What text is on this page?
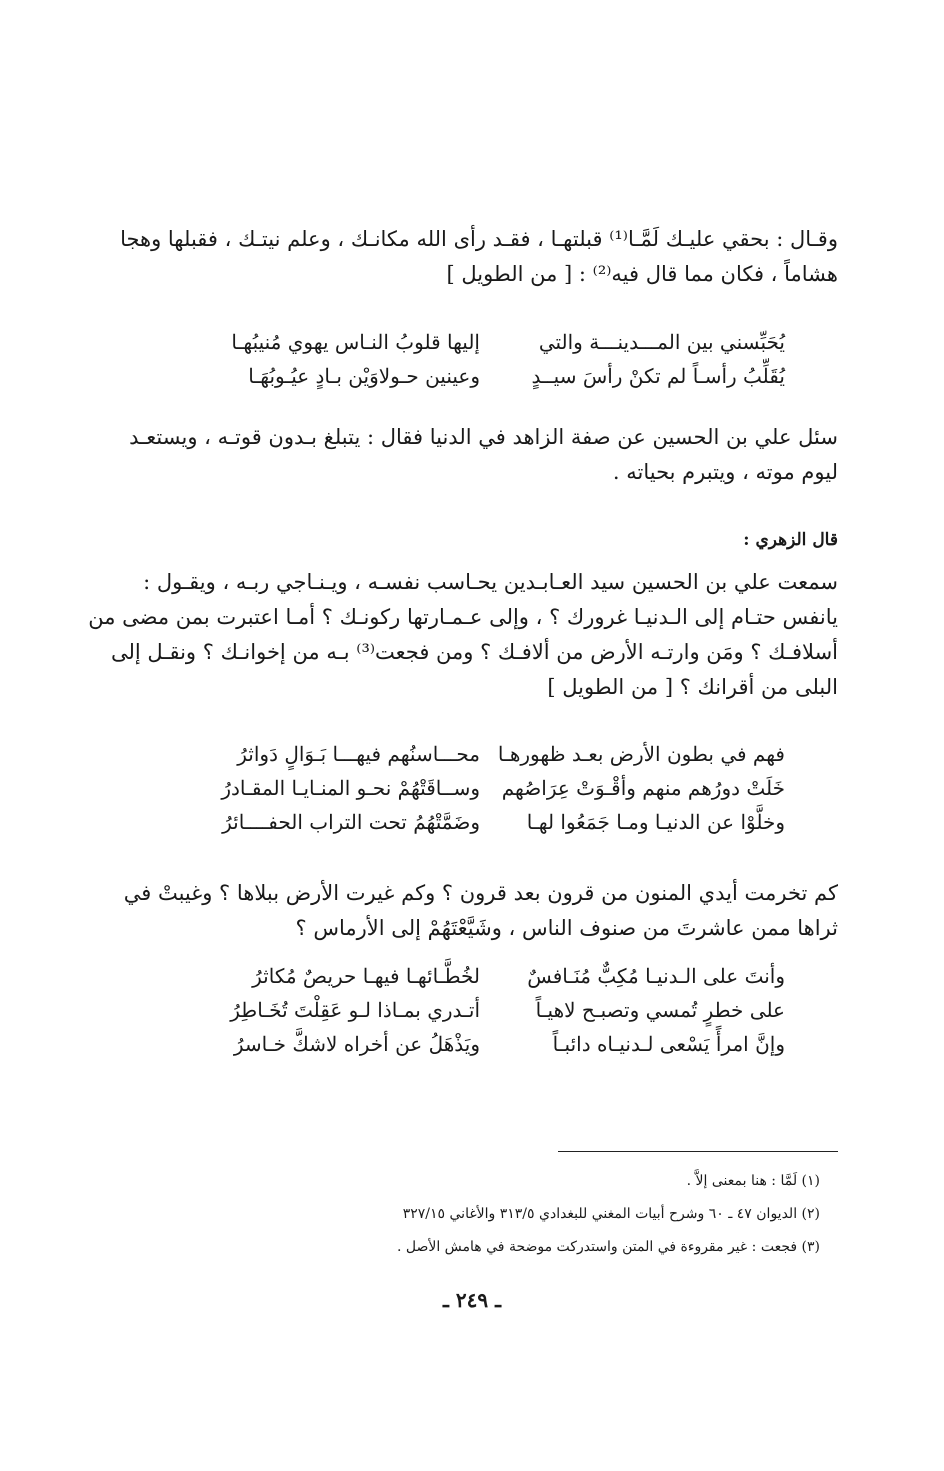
وقـال : بحقي عليـك لَمَّـا⁽¹⁾ قبلتهـا ، فقـد رأى الله مكانـك ، وعلم نيتـك ، فقبلها وهجا
هشاماً ، فكان مما قال فيه⁽²⁾ : [ من الطويل ]
يُحَبِّسني بين المـــدينـــة والتي
إليها قلوبُ النـاس يهوي مُنيبُهـا
يُقَلِّبُ رأسـاً لم تكنْ رأسَ سيــدٍ
وعينين حـولاوَيْن بـادٍ عيُـوبُهَـا
سئل علي بن الحسين عن صفة الزاهد في الدنيا فقال : يتبلغ بـدون قوتـه ، ويستعـد
ليوم موته ، ويتبرم بحياته .
قال الزهري :
سمعت علي بن الحسين سيد العـابـدين يحـاسب نفسـه ، ويـنـاجي ربـه ، ويقـول :
يانفس حتـام إلى الـدنيـا غرورك ؟ ، وإلى عـمـارتها ركونـك ؟ أمـا اعتبرت بمن مضى من
أسلافـك ؟ ومَن وارتـه الأرض من ألافـك ؟ ومن فجعت⁽³⁾ بـه من إخوانـك ؟ ونقـل إلى
البلى من أقرانك ؟ [ من الطويل ]
فهم في بطون الأرض بعـد ظهورهـا
محـــاسنُهم فيهـــا بَـوَالٍ دَواثرُ
خَلَتْ دورُهم منهم وأقْـوَتْ عِرَاصُهم
وســاقَتْهُمْ نحـو المنـايـا المقـادرُ
وخلَّوْا عن الدنيـا ومـا جَمَعُوا لهـا
وضَمَّتْهُمُ تحت التراب الحفــــائرُ
كم تخرمت أيدي المنون من قرون بعد قرون ؟ وكم غيرت الأرض ببلاها ؟ وغيبتْ في
ثراها ممن عاشرتَ من صنوف الناس ، وشَيَّعْتَهُمْ إلى الأرماس ؟
وأنتَ على الـدنيـا مُكِبٌّ مُنَـافسٌ
لخُطَّـائهـا فيهـا حريصٌ مُكاثرُ
على خطرٍ تُمسي وتصبـح لاهيـاً
أتـدري بمـاذا لـو عَقِلْتَ تُخَـاطِرُ
وإنَّ امرأً يَسْعى لـدنيـاه دائبـاً
ويَذْهَلُ عن أخراه لاشكَّ خـاسرُ
(١) لَمَّا : هنا بمعنى إلاَّ .
(٢) الديوان ٤٧ ـ ٦٠ وشرح أبيات المغني للبغدادي ٣١٣/٥ والأغاني ٣٢٧/١٥
(٣) فجعت : غير مقروءة في المتن واستدركت موضحة في هامش الأصل .
ـ ٢٤٩ ـ
